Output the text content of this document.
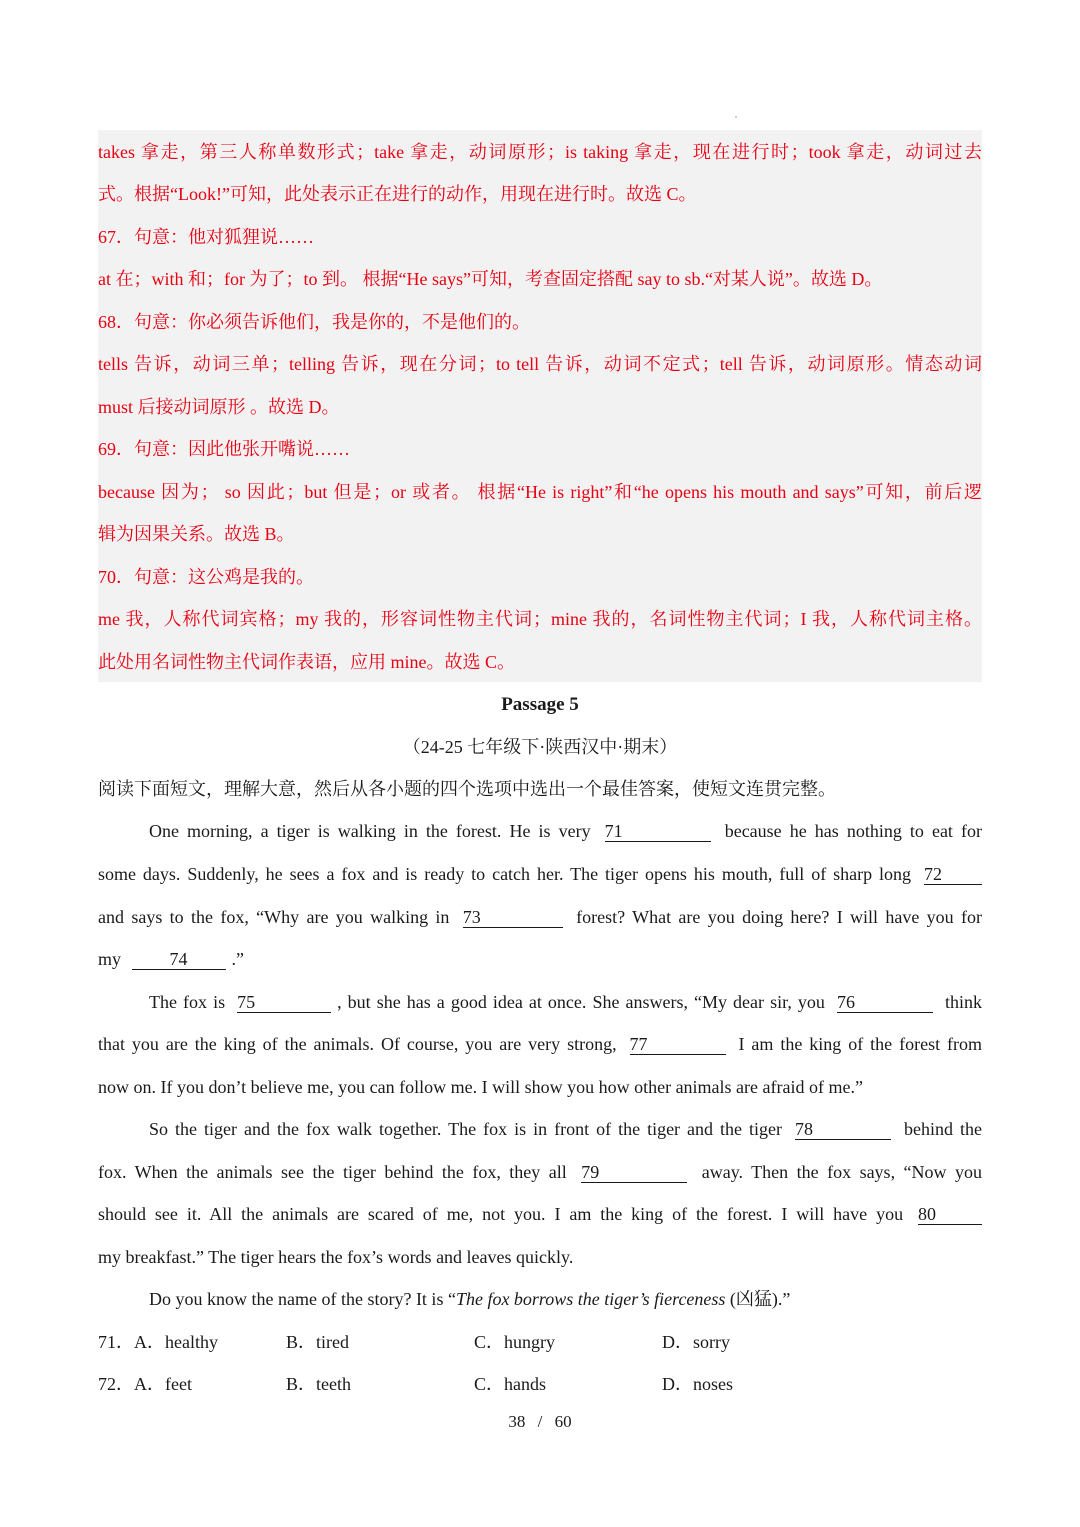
takes 拿走，第三人称单数形式；take 拿走，动词原形；is taking 拿走，现在进行时；took 拿走，动词过去
式。根据“Look!”可知，此处表示正在进行的动作，用现在进行时。故选 C。
67．句意：他对狐狸说……
at 在；with 和；for 为了；to 到。 根据“He says”可知，考查固定搭配 say to sb.“对某人说”。故选 D。
68．句意：你必须告诉他们，我是你的，不是他们的。
tells 告诉，动词三单；telling 告诉，现在分词；to tell 告诉，动词不定式；tell 告诉，动词原形。情态动词
must 后接动词原形 。故选 D。
69．句意：因此他张开嘴说……
because 因为； so 因此；but 但是；or 或者。 根据“He is right”和“he opens his mouth and says”可知，前后逻
辑为因果关系。故选 B。
70．句意：这公鸡是我的。
me 我，人称代词宾格；my 我的，形容词性物主代词；mine 我的，名词性物主代词；I 我，人称代词主格。
此处用名词性物主代词作表语，应用 mine。故选 C。
Passage 5
（24-25 七年级下·陕西汉中·期末）
阅读下面短文，理解大意，然后从各小题的四个选项中选出一个最佳答案，使短文连贯完整。
One morning, a tiger is walking in the forest. He is very 71	because he has nothing to eat for
some days. Suddenly, he sees a fox and is ready to catch her. The tiger opens his mouth, full of sharp long 72
and says to the fox, “Why are you walking in 73	forest? What are you doing here? I will have you for
my	74 .”
The fox is 75	, but she has a good idea at once. She answers, “My dear sir, you 76	think
that you are the king of the animals. Of course, you are very strong, 77	I am the king of the forest from
now on. If you don’t believe me, you can follow me. I will show you how other animals are afraid of me.”
So the tiger and the fox walk together. The fox is in front of the tiger and the tiger 78	behind the
fox. When the animals see the tiger behind the fox, they all 79	away. Then the fox says, “Now you
should see it. All the animals are scared of me, not you. I am the king of the forest. I will have you 80
my breakfast.” The tiger hears the fox’s words and leaves quickly.
Do you know the name of the story? It is “The fox borrows the tiger’s fierceness (凶猛).”
71．A．healthy	B．tired	C．hungry	D．sorry
72．A．feet	B．teeth	C．hands	D．noses
38 / 60
